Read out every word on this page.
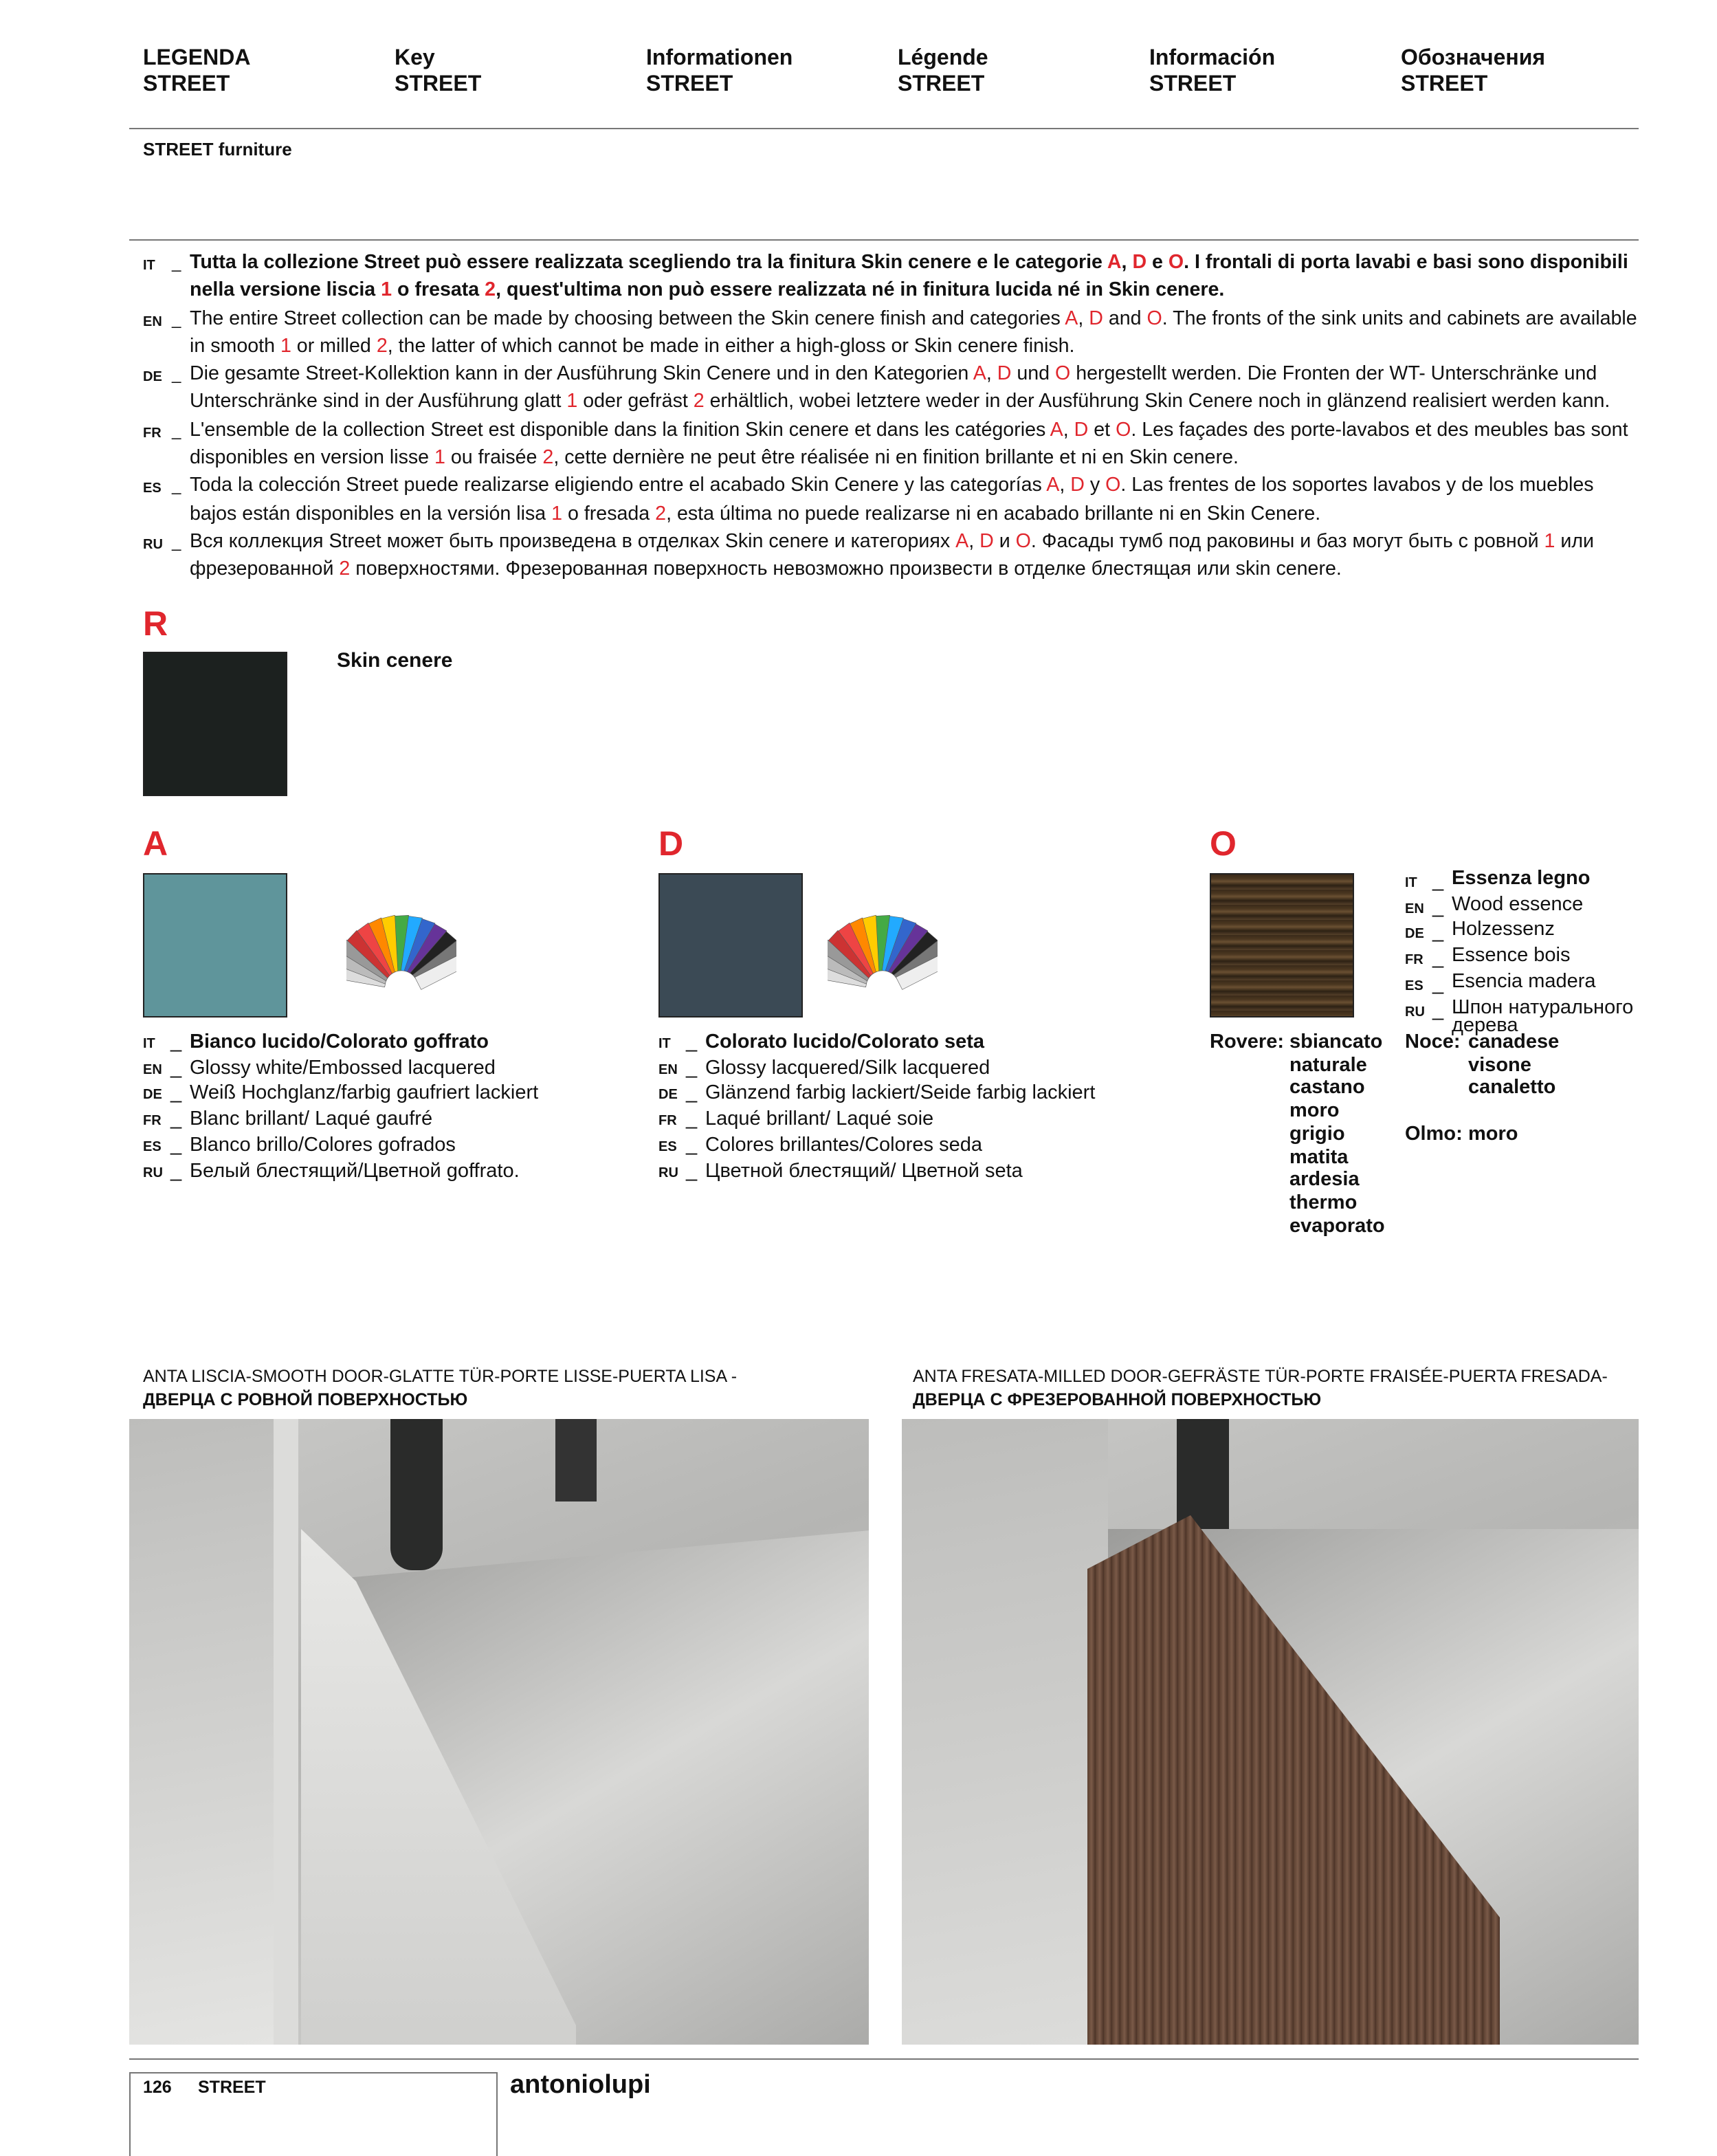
LEGENDA
STREET
Key
STREET
Informationen
STREET
Légende
STREET
Información
STREET
Обозначения
STREET
STREET furniture
IT	_ Tutta la collezione Street può essere realizzata scegliendo tra la finitura Skin cenere e le categorie A, D e O. I frontali di porta lavabi e basi sono disponibili nella versione liscia 1 o fresata 2, quest'ultima non può essere realizzata né in finitura lucida né in Skin cenere.
EN	_ The entire Street collection can be made by choosing between the Skin cenere finish and categories A, D and O. The fronts of the sink units and cabinets are available in smooth 1 or milled 2, the latter of which cannot be made in either a high-gloss or Skin cenere finish.
DE	_ Die gesamte Street-Kollektion kann in der Ausführung Skin Cenere und in den Kategorien A, D und O hergestellt werden. Die Fronten der WT- Unterschränke und Unterschränke sind in der Ausführung glatt 1 oder gefräst 2 erhältlich, wobei letztere weder in der Ausführung Skin Cenere noch in glänzend realisiert werden kann.
FR	_ L'ensemble de la collection Street est disponible dans la finition Skin cenere et dans les catégories A, D et O. Les façades des porte-lavabos et des meubles bas sont disponibles en version lisse 1 ou fraisée 2, cette dernière ne peut être réalisée ni en finition brillante et ni en Skin cenere.
ES	_ Toda la colección Street puede realizarse eligiendo entre el acabado Skin Cenere y las categorías A, D y O. Las frentes de los soportes lavabos y de los muebles bajos están disponibles en la versión lisa 1 o fresada 2, esta última no puede realizarse ni en acabado brillante ni en Skin Cenere.
RU	_ Вся коллекция Street может быть произведена в отделках Skin cenere и категориях A, D и O. Фасады тумб под раковины и баз могут быть с ровной 1 или фрезерованной 2 поверхностями. Фрезерованная поверхность невозможно произвести в отделке блестящая или skin cenere.
R
Skin cenere
A
IT	_ Bianco lucido/Colorato goffrato
EN _ Glossy white/Embossed lacquered
DE _ Weiß Hochglanz/farbig gaufriert lackiert
FR _ Blanc brillant/ Laqué gaufré
ES _ Blanco brillo/Colores gofrados
RU _ Белый блестящий/Цветной goffrato.
D
IT	_ Colorato lucido/Colorato seta
EN _ Glossy lacquered/Silk lacquered
DE _ Glänzend farbig lackiert/Seide farbig lackiert
FR _ Laqué brillant/ Laqué soie
ES _ Colores brillantes/Colores seda
RU _ Цветной блестящий/ Цветной seta
O
IT	_ Essenza legno
EN _ Wood essence
DE _ Holzessenz
FR _ Essence bois
ES _ Esencia madera
RU _ Шпон натурального дерева
Rovere: sbiancato
naturale
castano
moro
grigio
matita
ardesia
thermo
evaporato
Noce: canadese
visone
canaletto
Olmo: moro
ANTA LISCIA-SMOOTH DOOR-GLATTE TÜR-PORTE LISSE-PUERTA LISA -
ДВЕРЦА С РОВНОЙ ПОВЕРХНОСТЬЮ
ANTA FRESATA-MILLED DOOR-GEFRÄSTE TÜR-PORTE FRAISÉE-PUERTA FRESADA-
ДВЕРЦА С ФРЕЗЕРОВАННОЙ ПОВЕРХНОСТЬЮ
126	STREET	antoniolupi
